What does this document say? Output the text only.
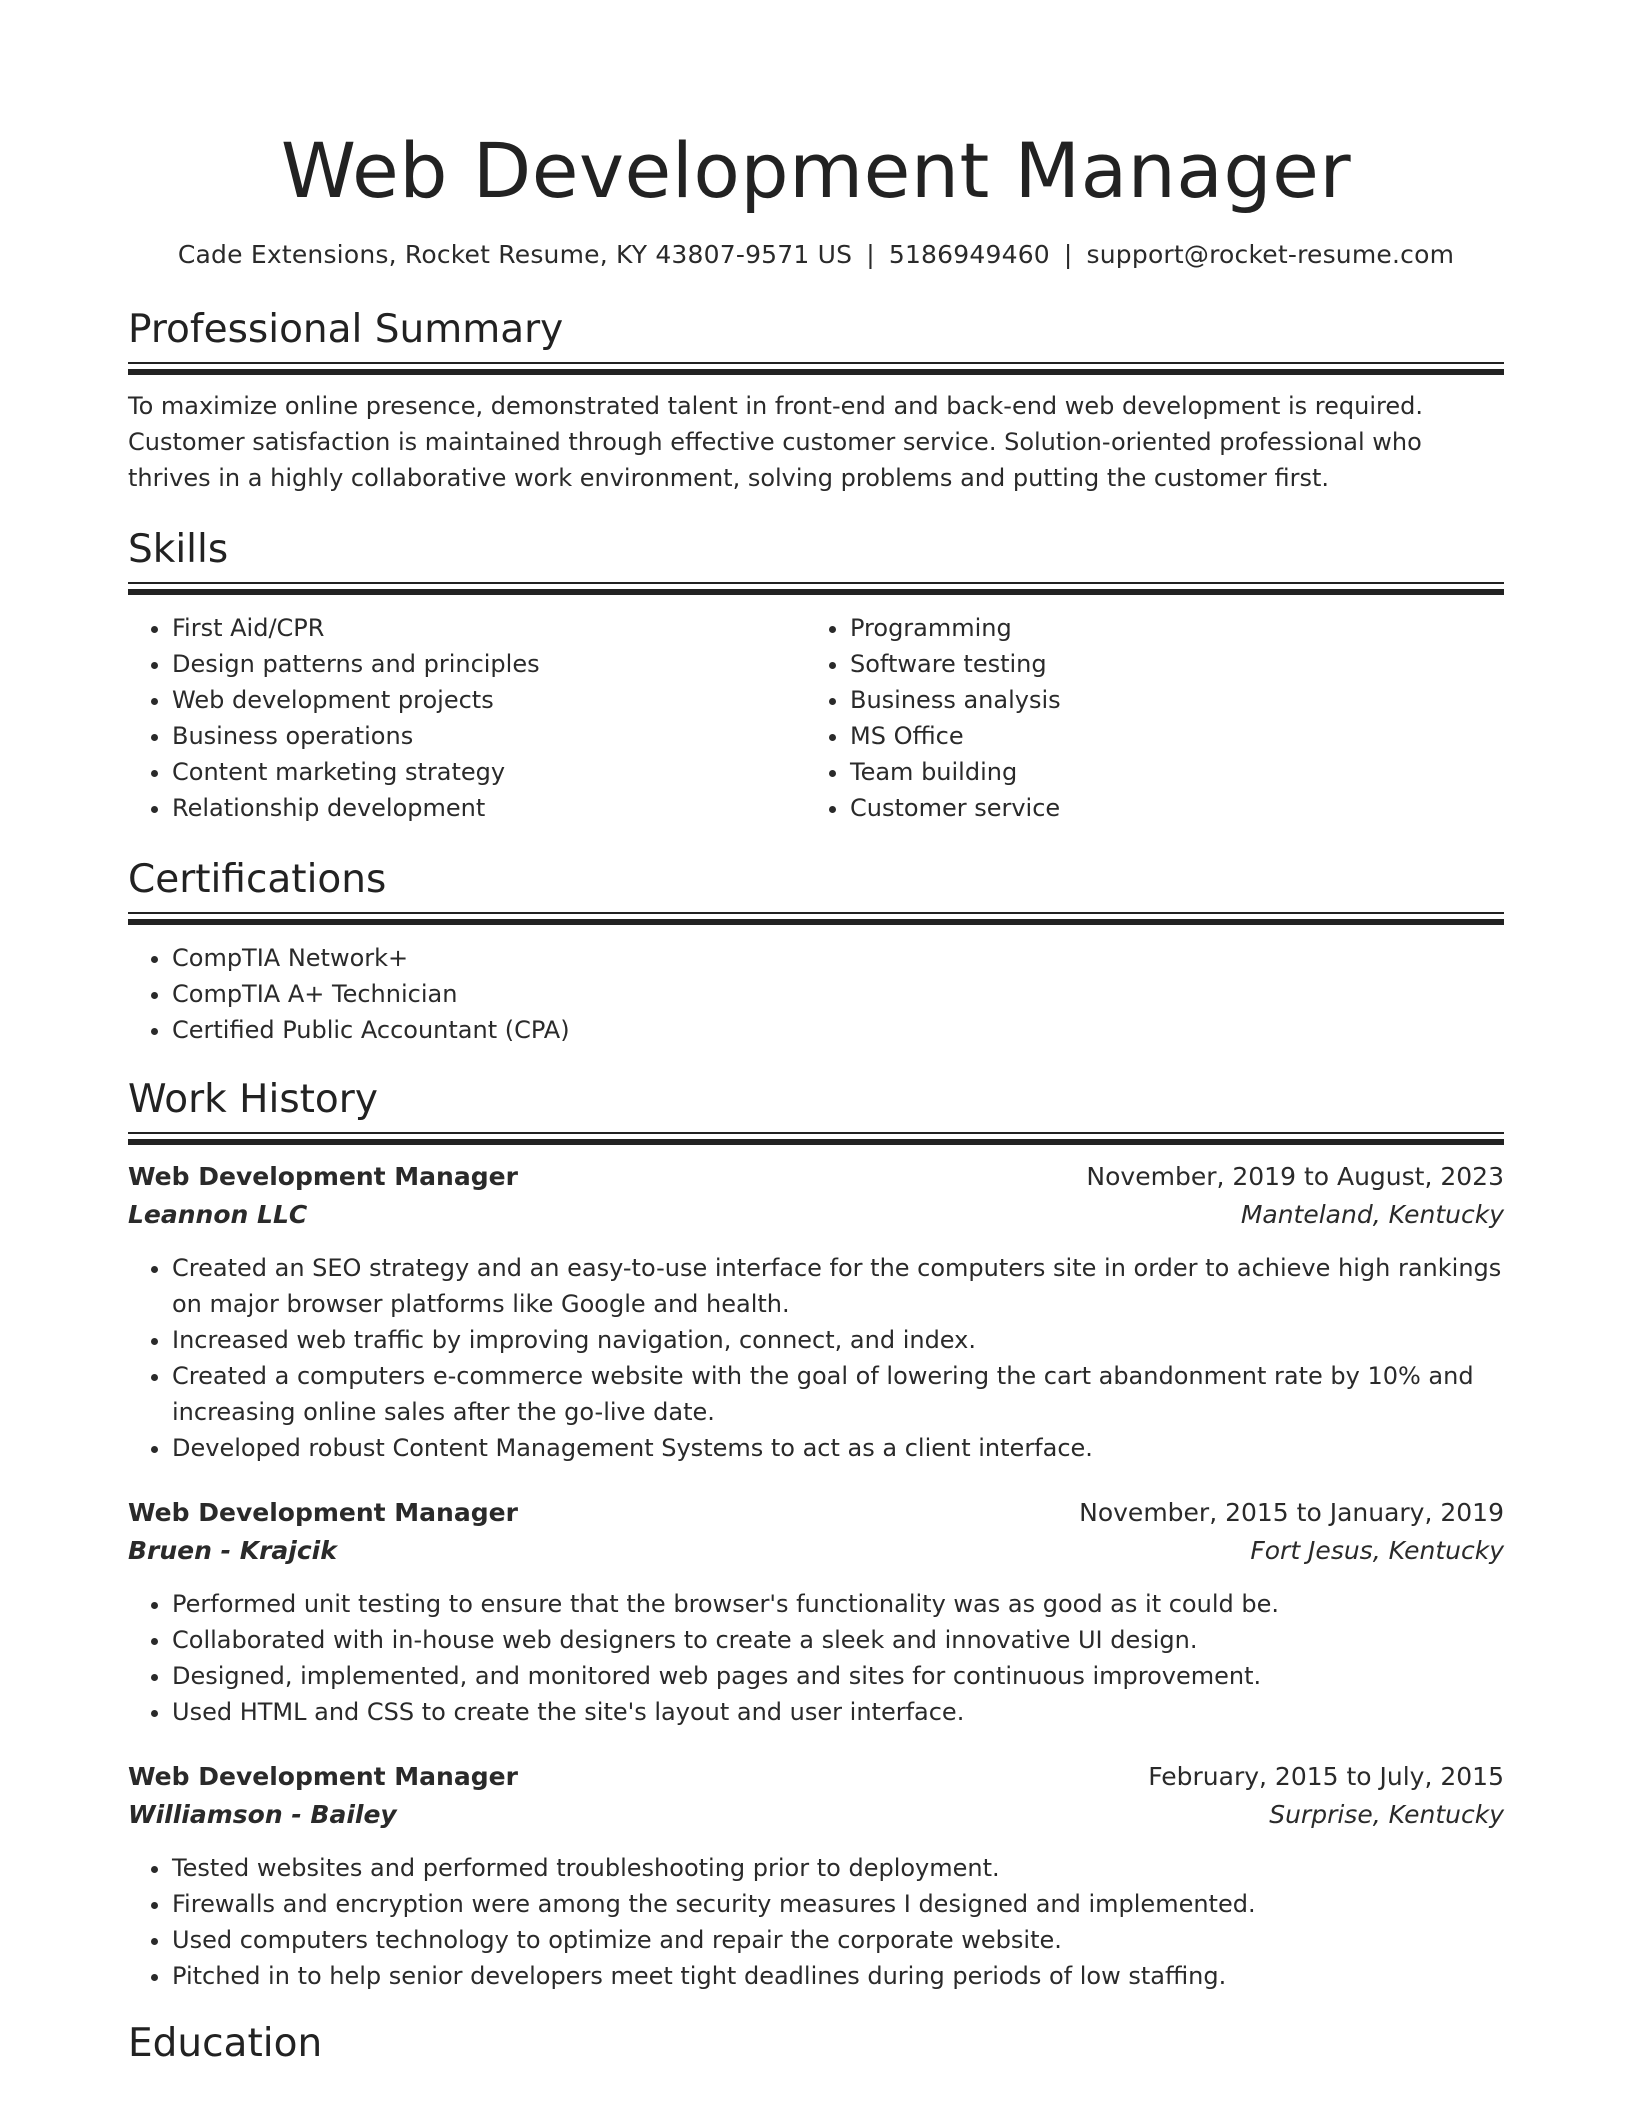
Web Development Manager
Cade Extensions, Rocket Resume, KY 43807-9571 US | 5186949460 | support@rocket-resume.com
Professional Summary
To maximize online presence, demonstrated talent in front-end and back-end web development is required. Customer satisfaction is maintained through effective customer service. Solution-oriented professional who thrives in a highly collaborative work environment, solving problems and putting the customer first.
Skills
• First Aid/CPR
• Design patterns and principles
• Web development projects
• Business operations
• Content marketing strategy
• Relationship development
• Programming
• Software testing
• Business analysis
• MS Office
• Team building
• Customer service
Certifications
• CompTIA Network+
• CompTIA A+ Technician
• Certified Public Accountant (CPA)
Work History
Web Development Manager	November, 2019 to August, 2023
Leannon LLC	Manteland, Kentucky
• Created an SEO strategy and an easy-to-use interface for the computers site in order to achieve high rankings on major browser platforms like Google and health.
• Increased web traffic by improving navigation, connect, and index.
• Created a computers e-commerce website with the goal of lowering the cart abandonment rate by 10% and increasing online sales after the go-live date.
• Developed robust Content Management Systems to act as a client interface.
Web Development Manager	November, 2015 to January, 2019
Bruen - Krajcik	Fort Jesus, Kentucky
• Performed unit testing to ensure that the browser's functionality was as good as it could be.
• Collaborated with in-house web designers to create a sleek and innovative UI design.
• Designed, implemented, and monitored web pages and sites for continuous improvement.
• Used HTML and CSS to create the site's layout and user interface.
Web Development Manager	February, 2015 to July, 2015
Williamson - Bailey	Surprise, Kentucky
• Tested websites and performed troubleshooting prior to deployment.
• Firewalls and encryption were among the security measures I designed and implemented.
• Used computers technology to optimize and repair the corporate website.
• Pitched in to help senior developers meet tight deadlines during periods of low staffing.
Education
